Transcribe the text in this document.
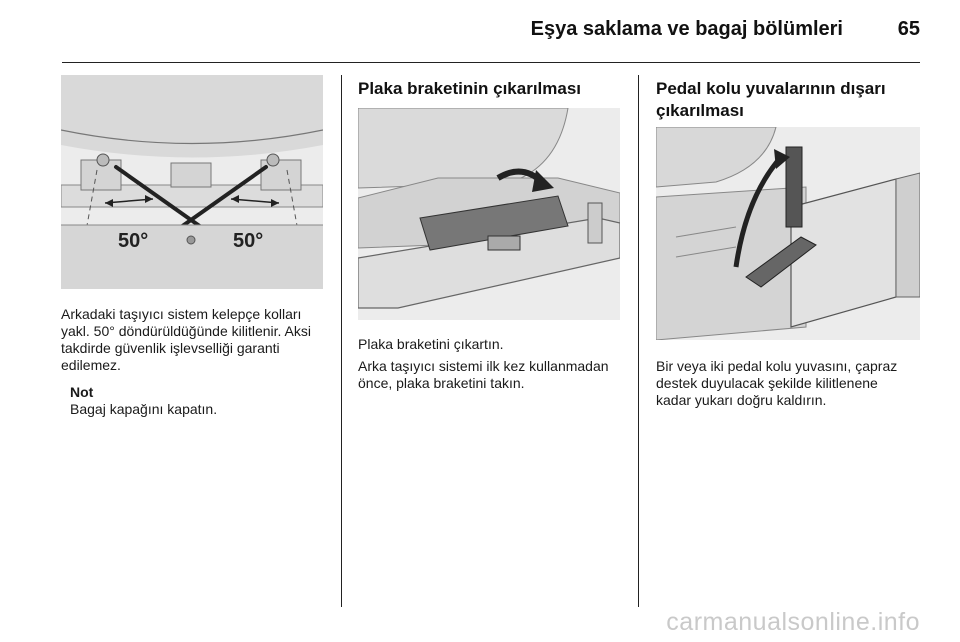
Eşya saklama ve bagaj bölümleri	65
50°	50°

Arkadaki taşıyıcı sistem kelepçe kolları yakl. 50° döndürüldüğünde kilitlenir. Aksi takdirde güvenlik işlevselliği garanti edilemez.

Not

Bagaj kapağını kapatın.

Plaka braketinin çıkarılması

Plaka braketini çıkartın.

Arka taşıyıcı sistemi ilk kez kullanmadan önce, plaka braketini takın.

Pedal kolu yuvalarının dışarı çıkarılması

Bir veya iki pedal kolu yuvasını, çapraz destek duyulacak şekilde kilitlenene kadar yukarı doğru kaldırın.

carmanualsonline.info
